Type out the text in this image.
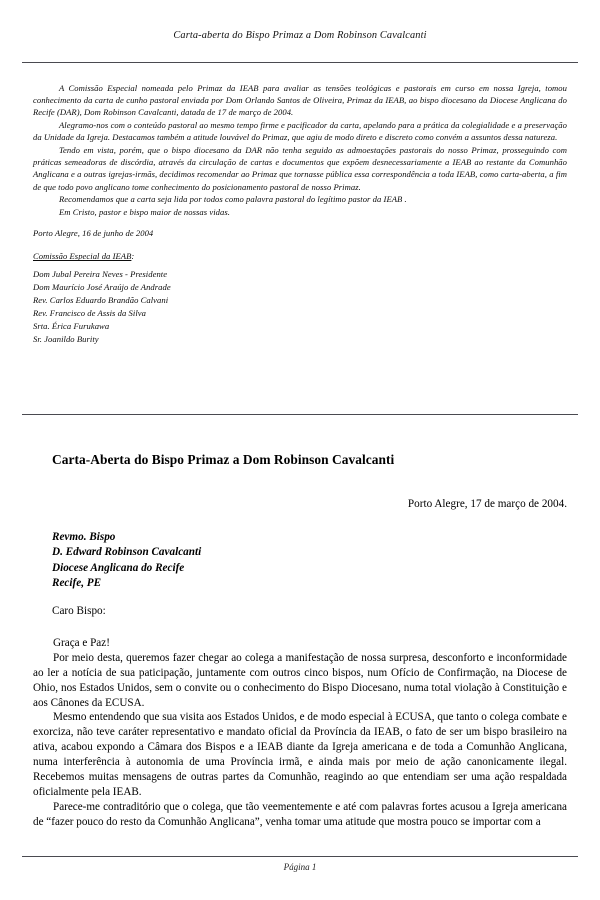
Carta-aberta do Bispo Primaz a Dom Robinson Cavalcanti

A Comissão Especial nomeada pelo Primaz da IEAB para avaliar as tensões teológicas e pastorais em curso em nossa Igreja, tomou conhecimento da carta de cunho pastoral enviada por Dom Orlando Santos de Oliveira, Primaz da IEAB, ao bispo diocesano da Diocese Anglicana do Recife (DAR), Dom Robinson Cavalcanti, datada de 17 de março de 2004.

Alegramo-nos com o conteúdo pastoral ao mesmo tempo firme e pacificador da carta, apelando para a prática da colegialidade e a preservação da Unidade da Igreja. Destacamos também a atitude louvável do Primaz, que agiu de modo direto e discreto como convém a assuntos dessa natureza.

Tendo em vista, porém, que o bispo diocesano da DAR não tenha seguido as admoestações pastorais do nosso Primaz, prosseguindo com práticas semeadoras de discórdia, através da circulação de cartas e documentos que expõem desnecessariamente a IEAB ao restante da Comunhão Anglicana e a outras igrejas-irmãs, decidimos recomendar ao Primaz que tornasse pública essa correspondência a toda IEAB, como carta-aberta, a fim de que todo povo anglicano tome conhecimento do posicionamento pastoral de nosso Primaz.

Recomendamos que a carta seja lida por todos como palavra pastoral do legítimo pastor da IEAB .

Em Cristo, pastor e bispo maior de nossas vidas.

Porto Alegre, 16 de junho de 2004

Comissão Especial da IEAB:

Dom Jubal Pereira Neves - Presidente
Dom Maurício José Araújo de Andrade
Rev. Carlos Eduardo Brandão Calvani
Rev. Francisco de Assis da Silva
Srta. Érica Furukawa
Sr. Joanildo Burity
Carta-Aberta do Bispo Primaz a Dom Robinson Cavalcanti
Porto Alegre, 17 de março de 2004.
Revmo. Bispo
D. Edward Robinson Cavalcanti
Diocese Anglicana do Recife
Recife, PE
Caro Bispo:

Graça e Paz!

Por meio desta, queremos fazer chegar ao colega a manifestação de nossa surpresa, desconforto e inconformidade ao ler a notícia de sua paticipação, juntamente com outros cinco bispos, num Ofício de Confirmação, na Diocese de Ohio, nos Estados Unidos, sem o convite ou o conhecimento do Bispo Diocesano, numa total violação à Constituição e aos Cânones da ECUSA.

Mesmo entendendo que sua visita aos Estados Unidos, e de modo especial à ECUSA, que tanto o colega combate e exorciza, não teve caráter representativo e mandato oficial da Província da IEAB, o fato de ser um bispo brasileiro na ativa, acabou expondo a Câmara dos Bispos e a IEAB diante da Igreja americana e de toda a Comunhão Anglicana, numa interferência à autonomia de uma Província irmã, e ainda mais por meio de ação canonicamente ilegal. Recebemos muitas mensagens de outras partes da Comunhão, reagindo ao que entendiam ser uma ação respaldada oficialmente pela IEAB.

Parece-me contraditório que o colega, que tão veementemente e até com palavras fortes acusou a Igreja americana de “fazer pouco do resto da Comunhão Anglicana”, venha tomar uma atitude que mostra pouco se importar com a

Página 1
